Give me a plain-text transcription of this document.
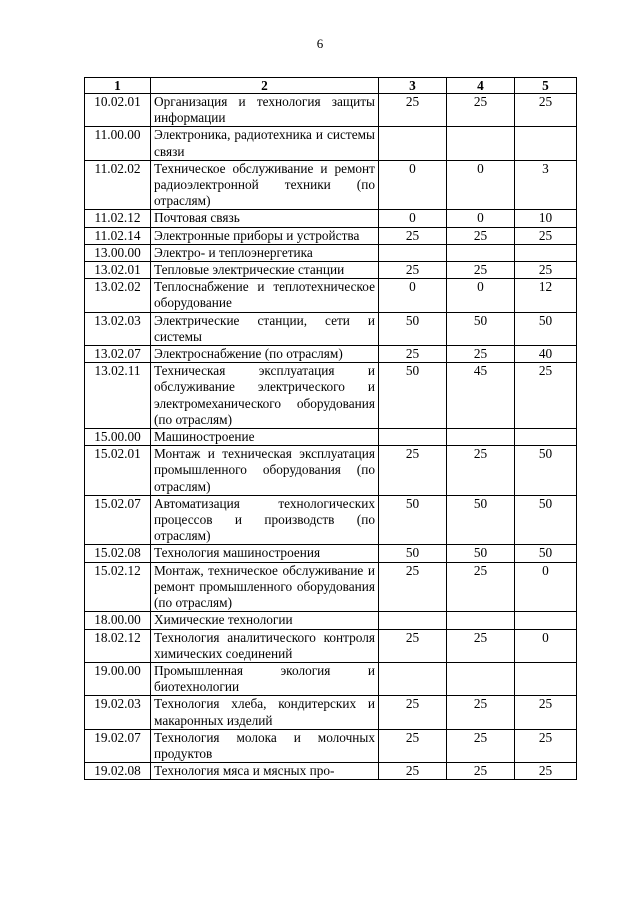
6
1	2	3	4	5
10.02.01	Организация и технология защиты информации	25	25	25
11.00.00	Электроника, радиотехника и системы связи			
11.02.02	Техническое обслуживание и ремонт радиоэлектронной техники (по отраслям)	0	0	3
11.02.12	Почтовая связь	0	0	10
11.02.14	Электронные приборы и устройства	25	25	25
13.00.00	Электро- и теплоэнергетика			
13.02.01	Тепловые электрические станции	25	25	25
13.02.02	Теплоснабжение и теплотехническое оборудование	0	0	12
13.02.03	Электрические станции, сети и системы	50	50	50
13.02.07	Электроснабжение (по отраслям)	25	25	40
13.02.11	Техническая эксплуатация и обслуживание электрического и электромеханического оборудования (по отраслям)	50	45	25
15.00.00	Машиностроение			
15.02.01	Монтаж и техническая эксплуатация промышленного оборудования (по отраслям)	25	25	50
15.02.07	Автоматизация технологических процессов и производств (по отраслям)	50	50	50
15.02.08	Технология машиностроения	50	50	50
15.02.12	Монтаж, техническое обслуживание и ремонт промышленного оборудования (по отраслям)	25	25	0
18.00.00	Химические технологии			
18.02.12	Технология аналитического контроля химических соединений	25	25	0
19.00.00	Промышленная экология и биотехнологии			
19.02.03	Технология хлеба, кондитерских и макаронных изделий	25	25	25
19.02.07	Технология молока и молочных продуктов	25	25	25
19.02.08	Технология мяса и мясных про-	25	25	25
